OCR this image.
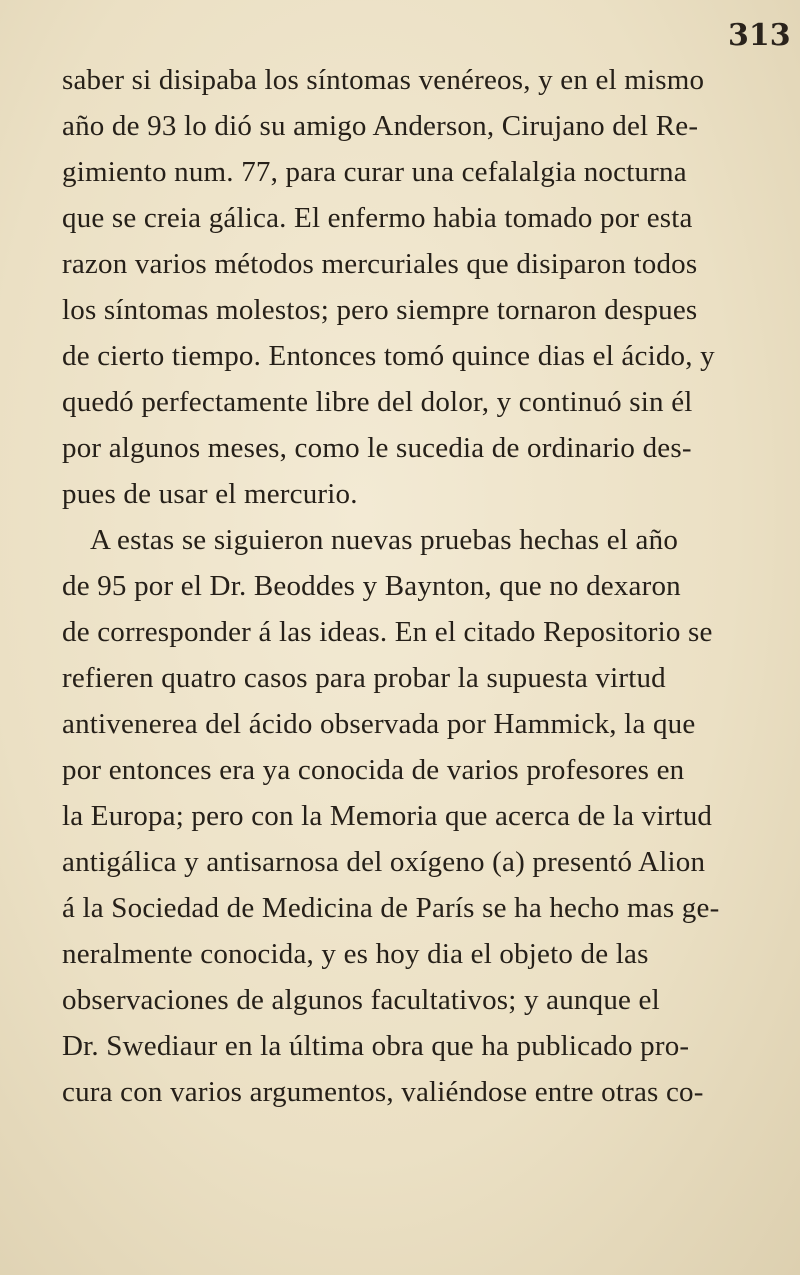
313
saber si disipaba los síntomas venéreos, y en el mismo
año de 93 lo dió su amigo Anderson, Cirujano del Re-
gimiento num. 77, para curar una cefalalgia nocturna
que se creia gálica. El enfermo habia tomado por esta
razon varios métodos mercuriales que disiparon todos
los síntomas molestos; pero siempre tornaron despues
de cierto tiempo. Entonces tomó quince dias el ácido, y
quedó perfectamente libre del dolor, y continuó sin él
por algunos meses, como le sucedia de ordinario des-
pues de usar el mercurio.
A estas se siguieron nuevas pruebas hechas el año
de 95 por el Dr. Beoddes y Baynton, que no dexaron
de corresponder á las ideas. En el citado Repositorio se
refieren quatro casos para probar la supuesta virtud
antivenerea del ácido observada por Hammick, la que
por entonces era ya conocida de varios profesores en
la Europa; pero con la Memoria que acerca de la virtud
antigálica y antisarnosa del oxígeno (a) presentó Alion
á la Sociedad de Medicina de París se ha hecho mas ge-
neralmente conocida, y es hoy dia el objeto de las
observaciones de algunos facultativos; y aunque el
Dr. Swediaur en la última obra que ha publicado pro-
cura con varios argumentos, valiéndose entre otras co-
